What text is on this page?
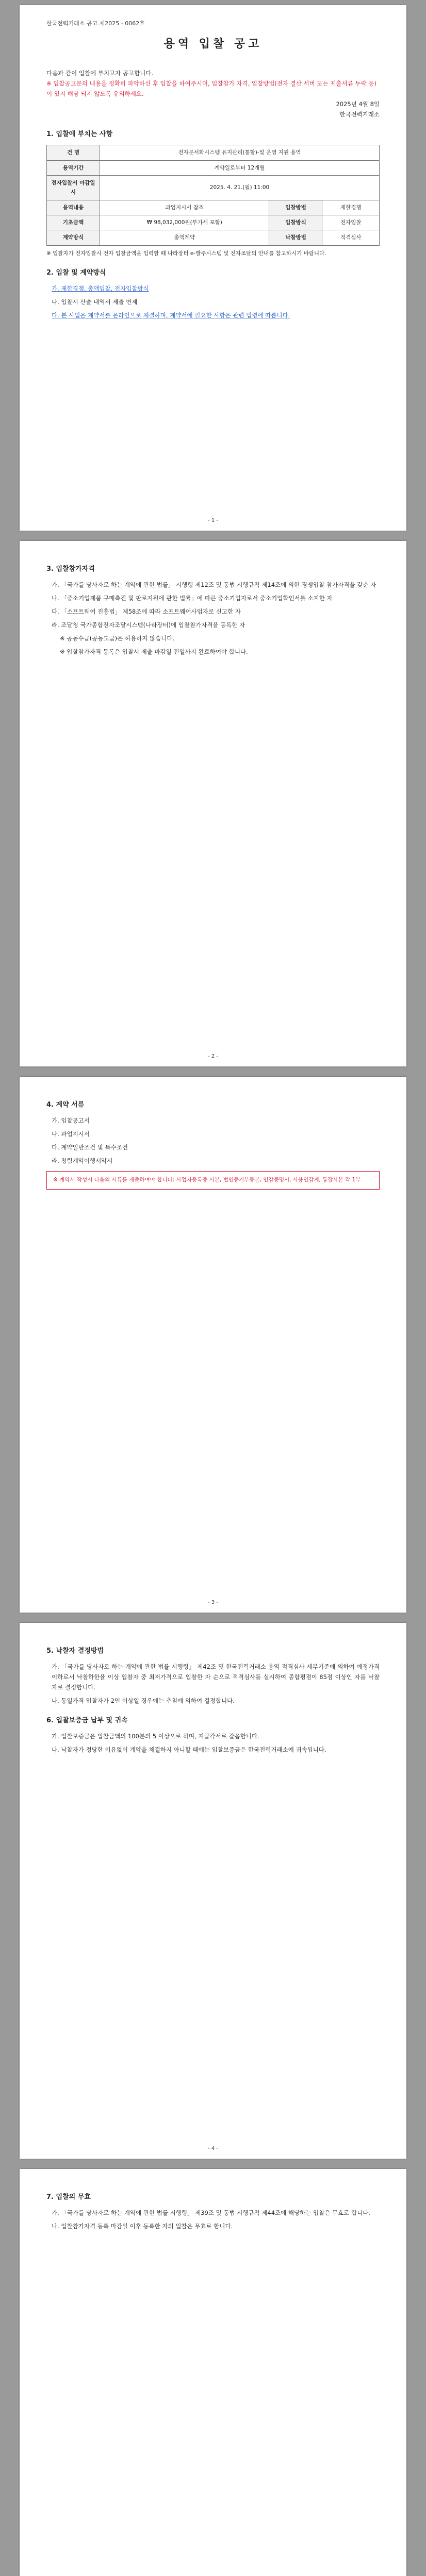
한국전력거래소 공고 제2025 - 0062호
용역 입찰 공고
다음과 같이 입찰에 부치고자 공고합니다.
※ 입찰공고문의 내용을 정확히 파악하신 후 입찰을 하여주시며, 입찰참가 자격, 입찰방법(전자 결산 서버 또는 제출서류 누락 등)이 있지 해당 되지 않도록 유의하세요.
2025년 4월 8일
한국전력거래소
1. 입찰에 부치는 사항
건 명	전자문서화시스템 유지관리(통합)-및 운영 지원 용역		
용역기간	계약일로부터 12개월		
전자입찰서 마감일시	2025. 4. 21.(월) 11:00		
용역내용	과업지시서 참조	입찰방법	제한경쟁
기초금액	₩ 98,032,000원(부가세 포함)	입찰방식	전자입찰
계약방식	총액계약	낙찰방법	적격심사
※ 입찰자가 전자입찰시 전자 입찰금액을 입력할 때 나라장터 e-발주시스템 및 전자조달의 안내를 참고하시기 바랍니다.
2. 입찰 및 계약방식
가. 제한경쟁, 총액입찰, 전자입찰방식
나. 입찰시 산출 내역서 제출 면제
다. 본 사업은 계약서를 온라인으로 체결하며, 계약서에 필요한 사항은 관련 법령에 따릅니다.
- 1 -
3. 입찰참가자격
가. 「국가를 당사자로 하는 계약에 관한 법률」 시행령 제12조 및 동법 시행규칙 제14조에 의한 경쟁입찰 참가자격을 갖춘 자
나. 「중소기업제품 구매촉진 및 판로지원에 관한 법률」에 따른 중소기업자로서 중소기업확인서를 소지한 자
다. 「소프트웨어 진흥법」 제58조에 따라 소프트웨어사업자로 신고한 자
라. 조달청 국가종합전자조달시스템(나라장터)에 입찰참가자격을 등록한 자
※ 공동수급(공동도급)은 허용하지 않습니다.
※ 입찰참가자격 등록은 입찰서 제출 마감일 전일까지 완료하여야 합니다.
- 2 -
4. 계약 서류
가. 입찰공고서
나. 과업지시서
다. 계약일반조건 및 특수조건
라. 청렴계약이행서약서
※ 계약서 작성시 다음의 서류를 제출하여야 합니다: 사업자등록증 사본, 법인등기부등본, 인감증명서, 사용인감계, 통장사본 각 1부
- 3 -
5. 낙찰자 결정방법
가. 「국가를 당사자로 하는 계약에 관한 법률 시행령」 제42조 및 한국전력거래소 용역 적격심사 세부기준에 의하여 예정가격 이하로서 낙찰하한율 이상 입찰자 중 최저가격으로 입찰한 자 순으로 적격심사를 실시하여 종합평점이 85점 이상인 자를 낙찰자로 결정합니다.
나. 동일가격 입찰자가 2인 이상일 경우에는 추첨에 의하여 결정합니다.
6. 입찰보증금 납부 및 귀속
가. 입찰보증금은 입찰금액의 100분의 5 이상으로 하며, 지급각서로 갈음합니다.
나. 낙찰자가 정당한 이유없이 계약을 체결하지 아니할 때에는 입찰보증금은 한국전력거래소에 귀속됩니다.
- 4 -
7. 입찰의 무효
가. 「국가를 당사자로 하는 계약에 관한 법률 시행령」 제39조 및 동법 시행규칙 제44조에 해당하는 입찰은 무효로 합니다.
나. 입찰참가자격 등록 마감일 이후 등록한 자의 입찰은 무효로 합니다.
